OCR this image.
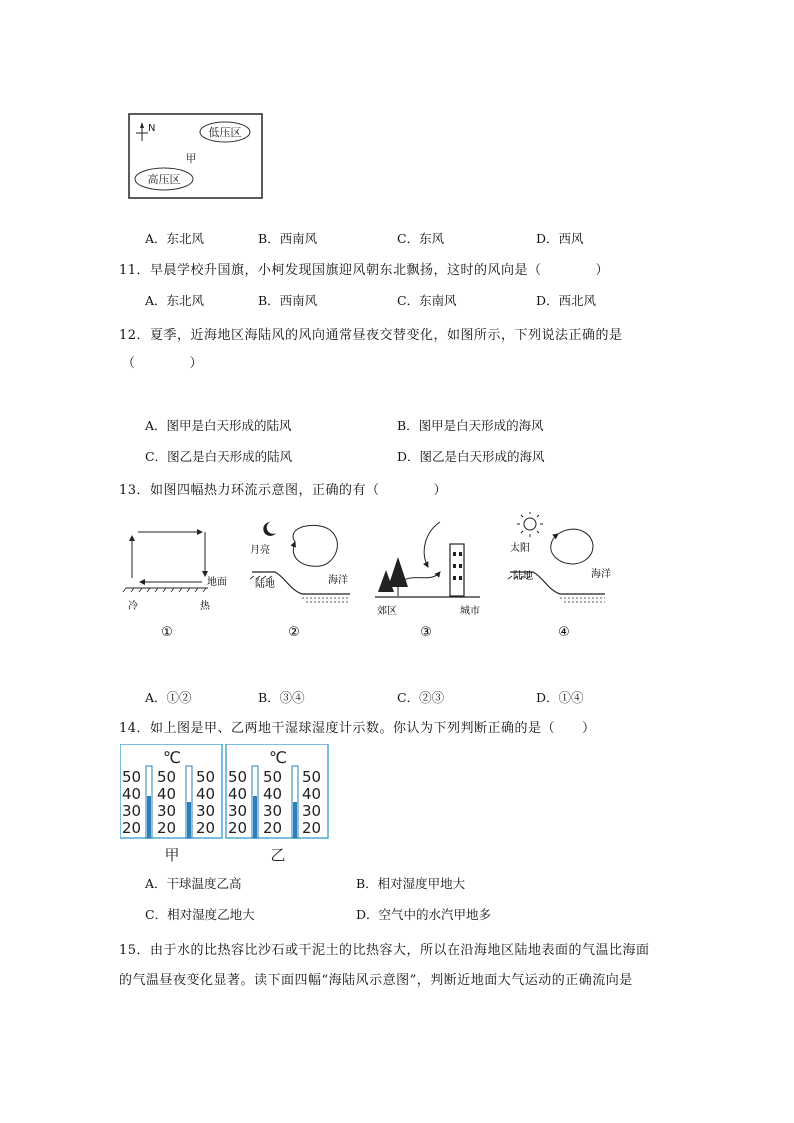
N	低压区
甲
高压区
A．东北风	B．西南风	C．东风	D．西风
11．早晨学校升国旗，小柯发现国旗迎风朝东北飘扬，这时的风向是（　　　　）
A．东北风	B．西南风	C．东南风	D．西北风
12．夏季，近海地区海陆风的风向通常昼夜交替变化，如图所示，下列说法正确的是
（　　　　）
A．图甲是白天形成的陆风	B．图甲是白天形成的海风
C．图乙是白天形成的陆风	D．图乙是白天形成的海风
13．如图四幅热力环流示意图，正确的有（　　　　）
地面
冷	热
①
月亮
陆地	海洋
②
郊区	城市
③
太阳
陆地	海洋
④
A．①②	B．③④	C．②③	D．①④
14．如上图是甲、乙两地干湿球湿度计示数。你认为下列判断正确的是（　　）
℃
50
40
30
20
50
40
30
20
50
40
30
20
℃
50
40
30
20
50
40
30
20
50
40
30
20
甲	乙
A．干球温度乙高	B．相对湿度甲地大
C．相对湿度乙地大	D．空气中的水汽甲地多
15．由于水的比热容比沙石或干泥土的比热容大，所以在沿海地区陆地表面的气温比海面
的气温昼夜变化显著。读下面四幅“海陆风示意图”，判断近地面大气运动的正确流向是
